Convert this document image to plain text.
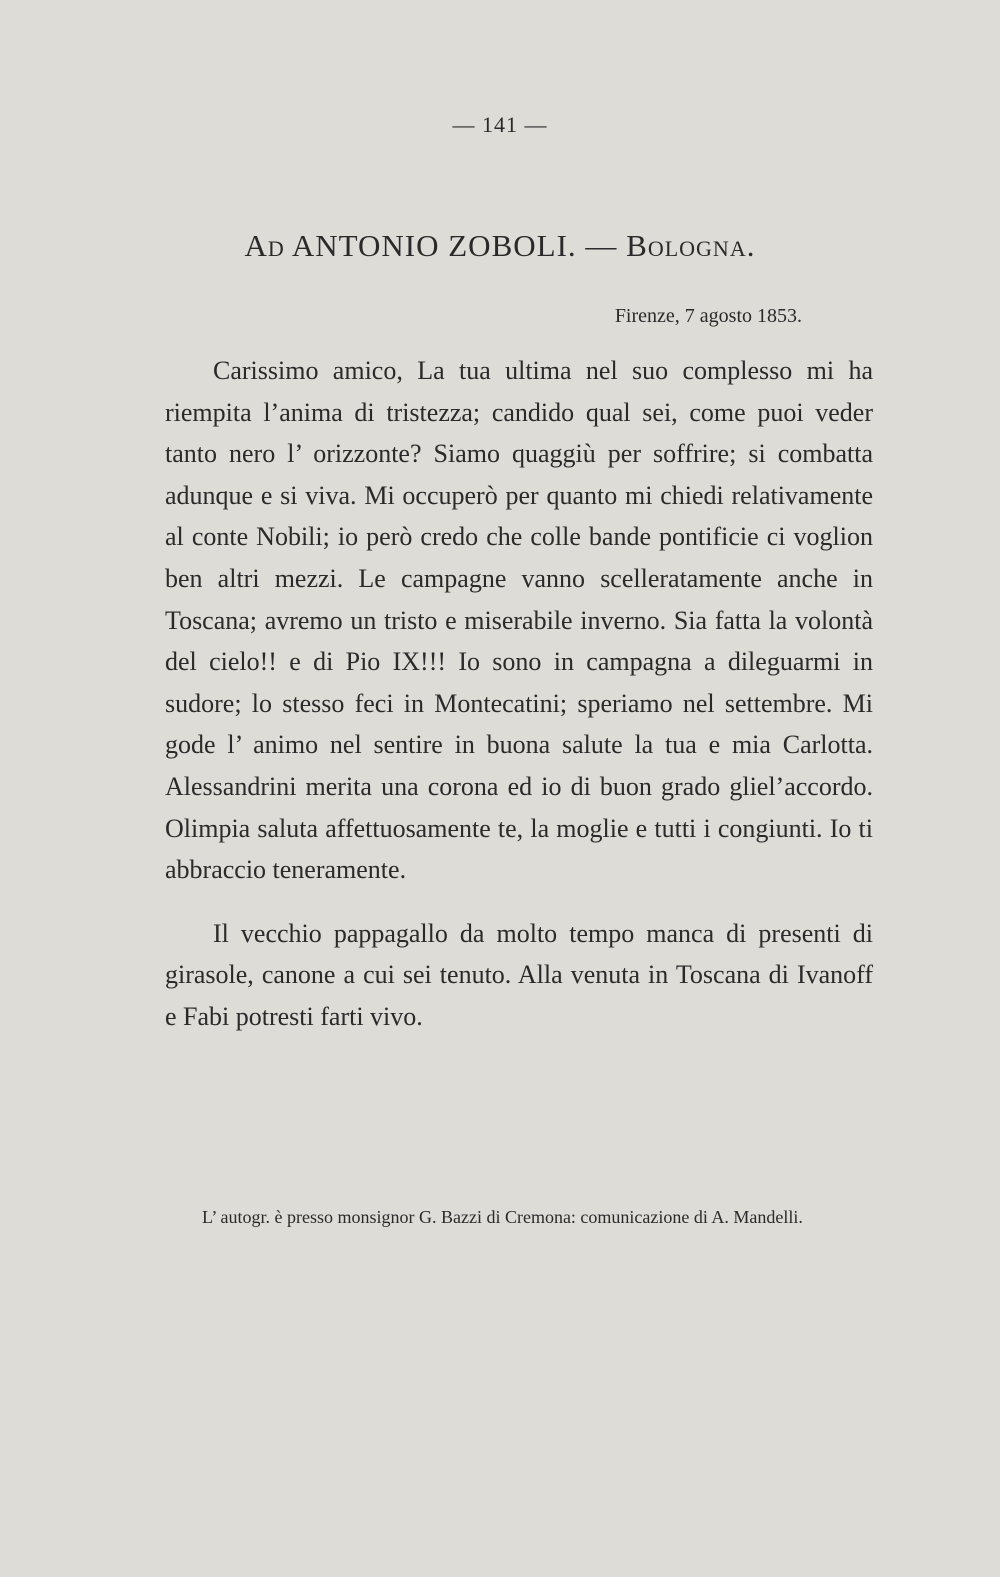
— 141 —
Ad ANTONIO ZOBOLI. — Bologna.
Firenze, 7 agosto 1853.

Carissimo amico, La tua ultima nel suo complesso mi ha riempita l’anima di tristezza; candido qual sei, come puoi veder tanto nero l’ orizzonte? Siamo quaggiù per soffrire; si combatta adunque e si viva. Mi occuperò per quanto mi chiedi relativamente al conte Nobili; io però credo che colle bande pontificie ci voglion ben altri mezzi. Le campagne vanno scelleratamente anche in Toscana; avremo un tristo e miserabile inverno. Sia fatta la volontà del cielo!! e di Pio IX!!! Io sono in campagna a dileguarmi in sudore; lo stesso feci in Montecatini; speriamo nel settembre. Mi gode l’ animo nel sentire in buona salute la tua e mia Carlotta. Alessandrini merita una corona ed io di buon grado gliel’accordo. Olimpia saluta affettuosamente te, la moglie e tutti i congiunti. Io ti abbraccio teneramente.

Il vecchio pappagallo da molto tempo manca di presenti di girasole, canone a cui sei tenuto. Alla venuta in Toscana di Ivanoff e Fabi potresti farti vivo.

L’ autogr. è presso monsignor G. Bazzi di Cremona: comunicazione di A. Mandelli.
